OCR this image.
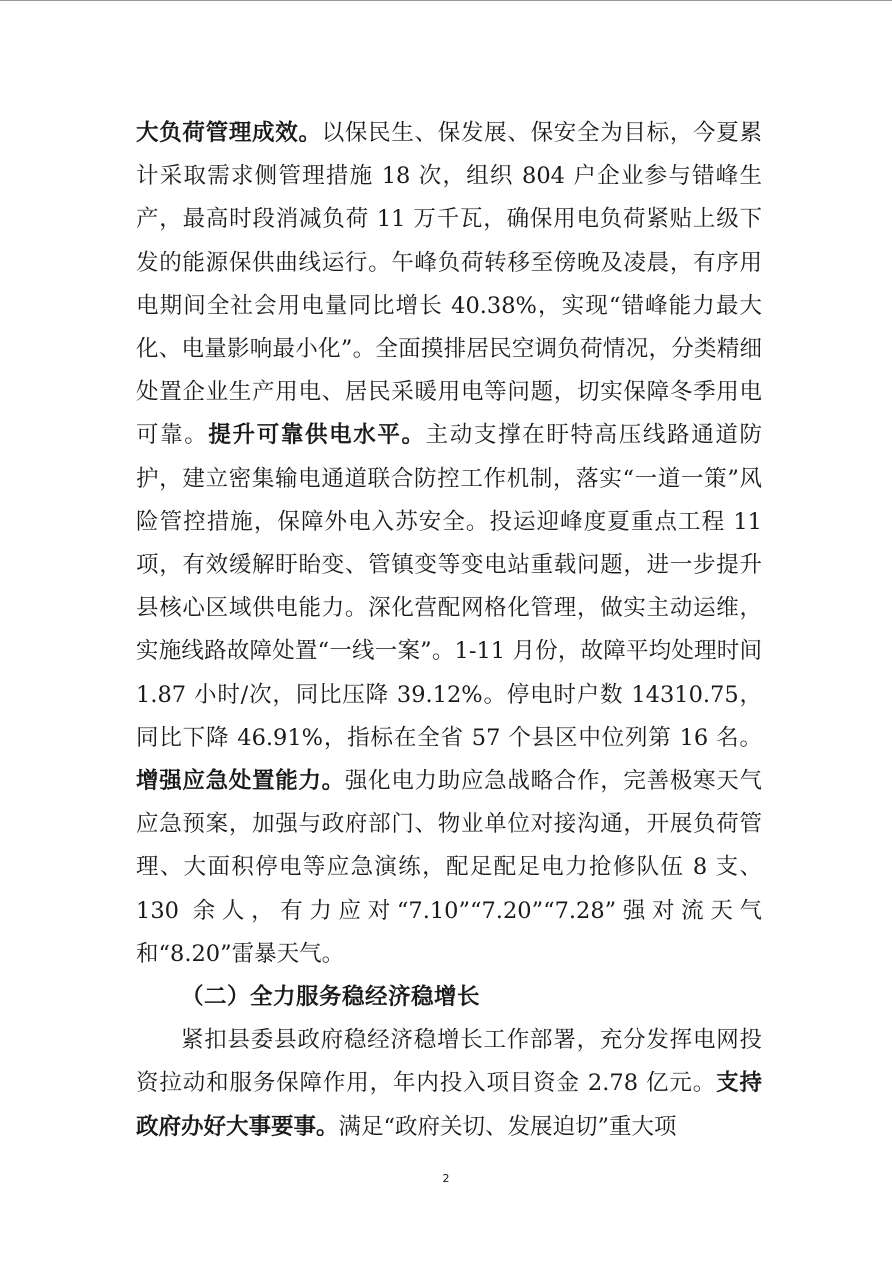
大负荷管理成效。以保民生、保发展、保安全为目标，今夏累计采取需求侧管理措施 18 次，组织 804 户企业参与错峰生产，最高时段消减负荷 11 万千瓦，确保用电负荷紧贴上级下发的能源保供曲线运行。午峰负荷转移至傍晚及凌晨，有序用电期间全社会用电量同比增长 40.38%，实现“错峰能力最大化、电量影响最小化”。全面摸排居民空调负荷情况，分类精细处置企业生产用电、居民采暖用电等问题，切实保障冬季用电可靠。提升可靠供电水平。主动支撑在盱特高压线路通道防护，建立密集输电通道联合防控工作机制，落实“一道一策”风险管控措施，保障外电入苏安全。投运迎峰度夏重点工程 11 项，有效缓解盱眙变、管镇变等变电站重载问题，进一步提升县核心区域供电能力。深化营配网格化管理，做实主动运维，实施线路故障处置“一线一案”。1-11 月份，故障平均处理时间 1.87 小时/次，同比压降 39.12%。停电时户数 14310.75，同比下降 46.91%，指标在全省 57 个县区中位列第 16 名。增强应急处置能力。强化电力助应急战略合作，完善极寒天气应急预案，加强与政府部门、物业单位对接沟通，开展负荷管理、大面积停电等应急演练，配足配足电力抢修队伍 8 支、130 余人，有力应对“7.10”“7.20”“7.28”强对流天气和“8.20”雷暴天气。

（二）全力服务稳经济稳增长

紧扣县委县政府稳经济稳增长工作部署，充分发挥电网投资拉动和服务保障作用，年内投入项目资金 2.78 亿元。支持政府办好大事要事。满足“政府关切、发展迫切”重大项

2
